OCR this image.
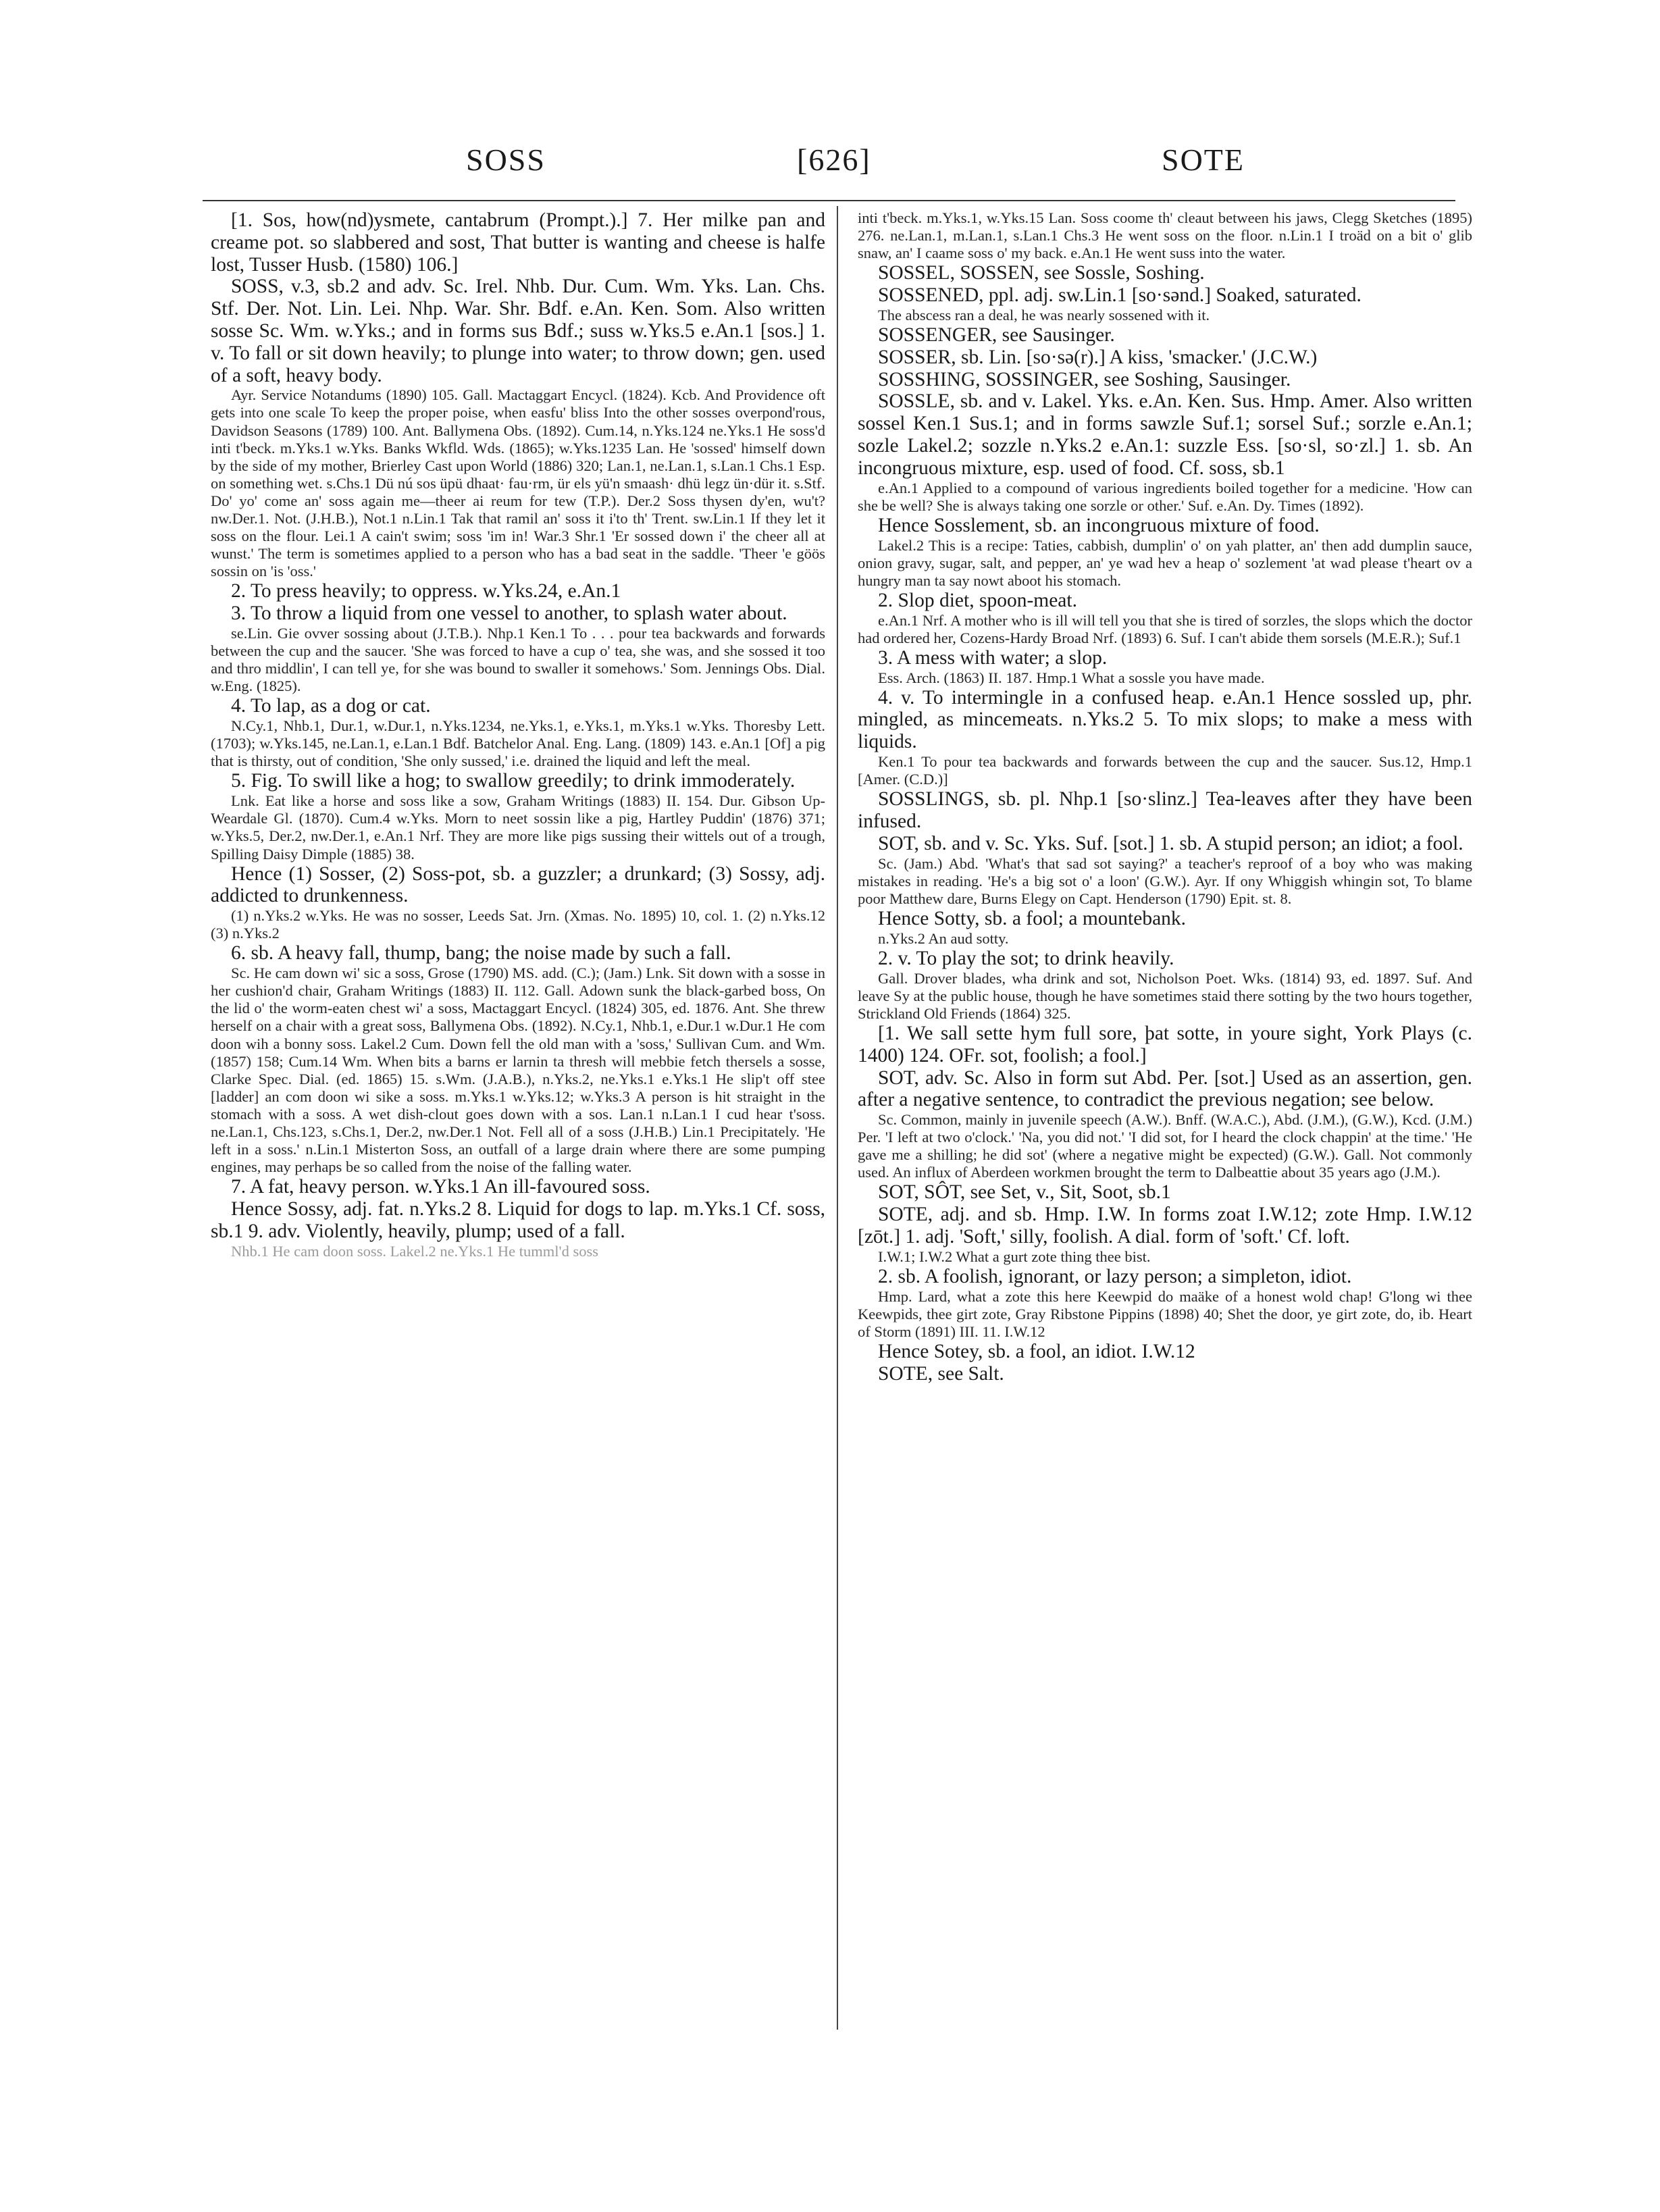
SOSS	[626]	SOTE

[1. Sos, how(nd)ysmete, cantabrum (Prompt.).] 7. Her milke pan and creame pot. so slabbered and sost, That butter is wanting and cheese is halfe lost, Tusser Husb. (1580) 106.]

SOSS, v.3, sb.2 and adv. Sc. Irel. Nhb. Dur. Cum. Wm. Yks. Lan. Chs. Stf. Der. Not. Lin. Lei. Nhp. War. Shr. Bdf. e.An. Ken. Som. Also written sosse Sc. Wm. w.Yks.; and in forms sus Bdf.; suss w.Yks.5 e.An.1 [sos.] 1. v. To fall or sit down heavily; to plunge into water; to throw down; gen. used of a soft, heavy body.

Ayr. Service Notandums (1890) 105. Gall. Mactaggart Encycl. (1824). Kcb. And Providence oft gets into one scale To keep the proper poise, when easfu' bliss Into the other sosses overpond'rous, Davidson Seasons (1789) 100. Ant. Ballymena Obs. (1892). Cum.14, n.Yks.124 ne.Yks.1 He soss'd inti t'beck. m.Yks.1 w.Yks. Banks Wkfld. Wds. (1865); w.Yks.1235 Lan. He 'sossed' himself down by the side of my mother, Brierley Cast upon World (1886) 320; Lan.1, ne.Lan.1, s.Lan.1 Chs.1 Esp. on something wet. s.Chs.1 Dü nú sos üpü dhaat· fau·rm, ür els yü'n smaash· dhü legz ün·dür it. s.Stf. Do' yo' come an' soss again me—theer ai reum for tew (T.P.). Der.2 Soss thysen dy'en, wu't? nw.Der.1. Not. (J.H.B.), Not.1 n.Lin.1 Tak that ramil an' soss it i'to th' Trent. sw.Lin.1 If they let it soss on the flour. Lei.1 A cain't swim; soss 'im in! War.3 Shr.1 'Er sossed down i' the cheer all at wunst.' The term is sometimes applied to a person who has a bad seat in the saddle. 'Theer 'e göös sossin on 'is 'oss.'

2. To press heavily; to oppress. w.Yks.24, e.An.1

3. To throw a liquid from one vessel to another, to splash water about.

se.Lin. Gie ovver sossing about (J.T.B.). Nhp.1 Ken.1 To . . . pour tea backwards and forwards between the cup and the saucer. 'She was forced to have a cup o' tea, she was, and she sossed it too and thro middlin', I can tell ye, for she was bound to swaller it somehows.' Som. Jennings Obs. Dial. w.Eng. (1825).

4. To lap, as a dog or cat.

N.Cy.1, Nhb.1, Dur.1, w.Dur.1, n.Yks.1234, ne.Yks.1, e.Yks.1, m.Yks.1 w.Yks. Thoresby Lett. (1703); w.Yks.145, ne.Lan.1, e.Lan.1 Bdf. Batchelor Anal. Eng. Lang. (1809) 143. e.An.1 [Of] a pig that is thirsty, out of condition, 'She only sussed,' i.e. drained the liquid and left the meal.

5. Fig. To swill like a hog; to swallow greedily; to drink immoderately.

Lnk. Eat like a horse and soss like a sow, Graham Writings (1883) II. 154. Dur. Gibson Up-Weardale Gl. (1870). Cum.4 w.Yks. Morn to neet sossin like a pig, Hartley Puddin' (1876) 371; w.Yks.5, Der.2, nw.Der.1, e.An.1 Nrf. They are more like pigs sussing their wittels out of a trough, Spilling Daisy Dimple (1885) 38.

Hence (1) Sosser, (2) Soss-pot, sb. a guzzler; a drunkard; (3) Sossy, adj. addicted to drunkenness.

(1) n.Yks.2 w.Yks. He was no sosser, Leeds Sat. Jrn. (Xmas. No. 1895) 10, col. 1. (2) n.Yks.12 (3) n.Yks.2

6. sb. A heavy fall, thump, bang; the noise made by such a fall.

Sc. He cam down wi' sic a soss, Grose (1790) MS. add. (C.); (Jam.) Lnk. Sit down with a sosse in her cushion'd chair, Graham Writings (1883) II. 112. Gall. Adown sunk the black-garbed boss, On the lid o' the worm-eaten chest wi' a soss, Mactaggart Encycl. (1824) 305, ed. 1876. Ant. She threw herself on a chair with a great soss, Ballymena Obs. (1892). N.Cy.1, Nhb.1, e.Dur.1 w.Dur.1 He com doon wih a bonny soss. Lakel.2 Cum. Down fell the old man with a 'soss,' Sullivan Cum. and Wm. (1857) 158; Cum.14 Wm. When bits a barns er larnin ta thresh will mebbie fetch thersels a sosse, Clarke Spec. Dial. (ed. 1865) 15. s.Wm. (J.A.B.), n.Yks.2, ne.Yks.1 e.Yks.1 He slip't off stee [ladder] an com doon wi sike a soss. m.Yks.1 w.Yks.12; w.Yks.3 A person is hit straight in the stomach with a soss. A wet dish-clout goes down with a sos. Lan.1 n.Lan.1 I cud hear t'soss. ne.Lan.1, Chs.123, s.Chs.1, Der.2, nw.Der.1 Not. Fell all of a soss (J.H.B.) Lin.1 Precipitately. 'He left in a soss.' n.Lin.1 Misterton Soss, an outfall of a large drain where there are some pumping engines, may perhaps be so called from the noise of the falling water.

7. A fat, heavy person. w.Yks.1 An ill-favoured soss.

Hence Sossy, adj. fat. n.Yks.2 8. Liquid for dogs to lap. m.Yks.1 Cf. soss, sb.1 9. adv. Violently, heavily, plump; used of a fall.

Nhb.1 He cam doon soss. Lakel.2 ne.Yks.1 He tumml'd soss

inti t'beck. m.Yks.1, w.Yks.15 Lan. Soss coome th' cleaut between his jaws, Clegg Sketches (1895) 276. ne.Lan.1, m.Lan.1, s.Lan.1 Chs.3 He went soss on the floor. n.Lin.1 I troäd on a bit o' glib snaw, an' I caame soss o' my back. e.An.1 He went suss into the water.

SOSSEL, SOSSEN, see Sossle, Soshing.

SOSSENED, ppl. adj. sw.Lin.1 [so·sənd.] Soaked, saturated.

The abscess ran a deal, he was nearly sossened with it.

SOSSENGER, see Sausinger.

SOSSER, sb. Lin. [so·sə(r).] A kiss, 'smacker.' (J.C.W.)

SOSSHING, SOSSINGER, see Soshing, Sausinger.

SOSSLE, sb. and v. Lakel. Yks. e.An. Ken. Sus. Hmp. Amer. Also written sossel Ken.1 Sus.1; and in forms sawzle Suf.1; sorsel Suf.; sorzle e.An.1; sozle Lakel.2; sozzle n.Yks.2 e.An.1: suzzle Ess. [so·sl, so·zl.] 1. sb. An incongruous mixture, esp. used of food. Cf. soss, sb.1

e.An.1 Applied to a compound of various ingredients boiled together for a medicine. 'How can she be well? She is always taking one sorzle or other.' Suf. e.An. Dy. Times (1892).

Hence Sosslement, sb. an incongruous mixture of food.

Lakel.2 This is a recipe: Taties, cabbish, dumplin' o' on yah platter, an' then add dumplin sauce, onion gravy, sugar, salt, and pepper, an' ye wad hev a heap o' sozlement 'at wad please t'heart ov a hungry man ta say nowt aboot his stomach.

2. Slop diet, spoon-meat.

e.An.1 Nrf. A mother who is ill will tell you that she is tired of sorzles, the slops which the doctor had ordered her, Cozens-Hardy Broad Nrf. (1893) 6. Suf. I can't abide them sorsels (M.E.R.); Suf.1

3. A mess with water; a slop.

Ess. Arch. (1863) II. 187. Hmp.1 What a sossle you have made.

4. v. To intermingle in a confused heap. e.An.1 Hence sossled up, phr. mingled, as mincemeats. n.Yks.2 5. To mix slops; to make a mess with liquids.

Ken.1 To pour tea backwards and forwards between the cup and the saucer. Sus.12, Hmp.1 [Amer. (C.D.)]

SOSSLINGS, sb. pl. Nhp.1 [so·slinz.] Tea-leaves after they have been infused.

SOT, sb. and v. Sc. Yks. Suf. [sot.] 1. sb. A stupid person; an idiot; a fool.

Sc. (Jam.) Abd. 'What's that sad sot saying?' a teacher's reproof of a boy who was making mistakes in reading. 'He's a big sot o' a loon' (G.W.). Ayr. If ony Whiggish whingin sot, To blame poor Matthew dare, Burns Elegy on Capt. Henderson (1790) Epit. st. 8.

Hence Sotty, sb. a fool; a mountebank.

n.Yks.2 An aud sotty.

2. v. To play the sot; to drink heavily.

Gall. Drover blades, wha drink and sot, Nicholson Poet. Wks. (1814) 93, ed. 1897. Suf. And leave Sy at the public house, though he have sometimes staid there sotting by the two hours together, Strickland Old Friends (1864) 325.

[1. We sall sette hym full sore, þat sotte, in youre sight, York Plays (c. 1400) 124. OFr. sot, foolish; a fool.]

SOT, adv. Sc. Also in form sut Abd. Per. [sot.] Used as an assertion, gen. after a negative sentence, to contradict the previous negation; see below.

Sc. Common, mainly in juvenile speech (A.W.). Bnff. (W.A.C.), Abd. (J.M.), (G.W.), Kcd. (J.M.) Per. 'I left at two o'clock.' 'Na, you did not.' 'I did sot, for I heard the clock chappin' at the time.' 'He gave me a shilling; he did sot' (where a negative might be expected) (G.W.). Gall. Not commonly used. An influx of Aberdeen workmen brought the term to Dalbeattie about 35 years ago (J.M.).

SOT, SÔT, see Set, v., Sit, Soot, sb.1

SOTE, adj. and sb. Hmp. I.W. In forms zoat I.W.12; zote Hmp. I.W.12 [zōt.] 1. adj. 'Soft,' silly, foolish. A dial. form of 'soft.' Cf. loft.

I.W.1; I.W.2 What a gurt zote thing thee bist.

2. sb. A foolish, ignorant, or lazy person; a simpleton, idiot.

Hmp. Lard, what a zote this here Keewpid do maäke of a honest wold chap! G'long wi thee Keewpids, thee girt zote, Gray Ribstone Pippins (1898) 40; Shet the door, ye girt zote, do, ib. Heart of Storm (1891) III. 11. I.W.12

Hence Sotey, sb. a fool, an idiot. I.W.12

SOTE, see Salt.
